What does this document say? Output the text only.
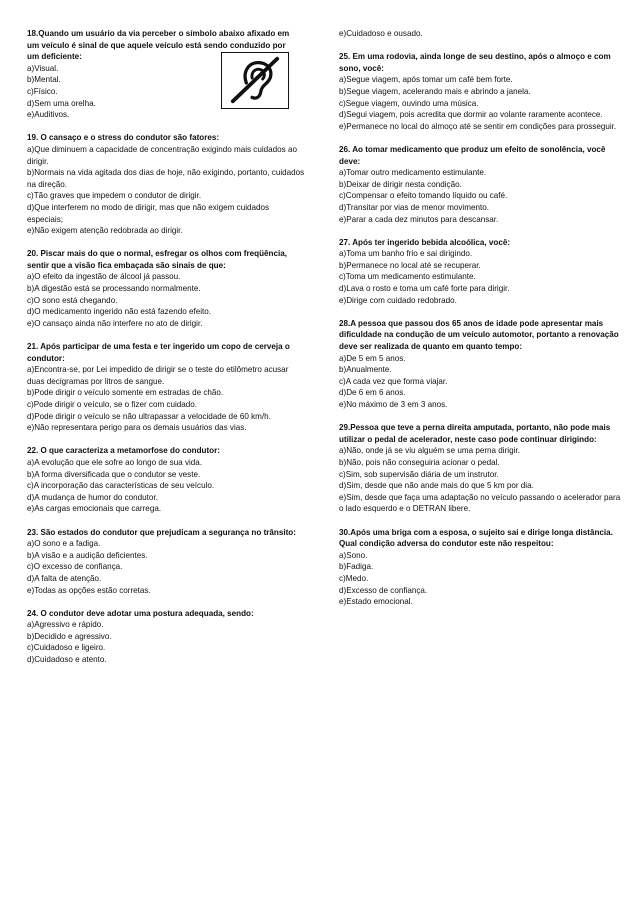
18.Quando um usuário da via perceber o símbolo abaixo afixado em um veículo é sinal de que aquele veículo está sendo conduzido por um deficiente:
a)Visual.
b)Mental.
c)Físico.
d)Sem uma orelha.
e)Auditivos.
19. O cansaço e o stress do condutor são fatores:
a)Que diminuem a capacidade de concentração exigindo mais cuidados ao dirigir.
b)Normais na vida agitada dos dias de hoje, não exigindo, portanto, cuidados na direção.
c)Tão graves que impedem o condutor de dirigir.
d)Que interferem no modo de dirigir, mas que não exigem cuidados especiais;
e)Não exigem atenção redobrada ao dirigir.
20. Piscar mais do que o normal, esfregar os olhos com freqüência, sentir que a visão fica embaçada são sinais de que:
a)O efeito da ingestão de álcool já passou.
b)A digestão está se processando normalmente.
c)O sono está chegando.
d)O medicamento ingerido não está fazendo efeito.
e)O cansaço ainda não interfere no ato de dirigir.
21. Após participar de uma festa e ter ingerido um copo de cerveja o condutor:
a)Encontra-se, por Lei impedido de dirigir se o teste do etilômetro acusar duas decigramas por litros de sangue.
b)Pode dirigir o veículo somente em estradas de chão.
c)Pode dirigir o veículo, se o fizer com cuidado.
d)Pode dirigir o veículo se não ultrapassar a velocidade de 60 km/h.
e)Não representara perigo para os demais usuários das vias.
22. O que caracteriza a metamorfose do condutor:
a)A evolução que ele sofre ao longo de sua vida.
b)A forma diversificada que o condutor se veste.
c)A incorporação das características de seu veículo.
d)A mudança de humor do condutor.
e)As cargas emocionais que carrega.
23. São estados do condutor que prejudicam a segurança no trânsito:
a)O sono e a fadiga.
b)A visão e a audição deficientes.
c)O excesso de confiança.
d)A falta de atenção.
e)Todas as opções estão corretas.
24. O condutor deve adotar uma postura adequada, sendo:
a)Agressivo e rápido.
b)Decidido e agressivo.
c)Cuidadoso e ligeiro.
d)Cuidadoso e atento.
e)Cuidadoso e ousado.
25. Em uma rodovia, ainda longe de seu destino, após o almoço e com sono, você:
a)Segue viagem, após tomar um café bem forte.
b)Segue viagem, acelerando mais e abrindo a janela.
c)Segue viagem, ouvindo uma música.
d)Segui viagem, pois acredita que dormir ao volante raramente acontece.
e)Permanece no local do almoço até se sentir em condições para prosseguir.
26. Ao tomar medicamento que produz um efeito de sonolência, você deve:
a)Tomar outro medicamento estimulante.
b)Deixar de dirigir nesta condição.
c)Compensar o efeito tomando líquido ou café.
d)Transitar por vias de menor movimento.
e)Parar a cada dez minutos para descansar.
27. Após ter ingerido bebida alcoólica, você:
a)Toma um banho frio e sai dirigindo.
b)Permanece no local até se recuperar.
c)Toma um medicamento estimulante.
d)Lava o rosto e toma um café forte para dirigir.
e)Dirige com cuidado redobrado.
28.A pessoa que passou dos 65 anos de idade pode apresentar mais dificuldade na condução de um veículo automotor, portanto a renovação deve ser realizada de quanto em quanto tempo:
a)De 5 em 5 anos.
b)Anualmente.
c)A cada vez que forma viajar.
d)De 6 em 6 anos.
e)No máximo de 3 em 3 anos.
29.Pessoa que teve a perna direita amputada, portanto, não pode mais utilizar o pedal de acelerador, neste caso pode continuar dirigindo:
a)Não, onde já se viu alguém se uma perna dirigir.
b)Não, pois não conseguiria acionar o pedal.
c)Sim, sob supervisão diária de um instrutor.
d)Sim, desde que não ande mais do que 5 km por dia.
e)Sim, desde que faça uma adaptação no veículo passando o acelerador para o lado esquerdo e o DETRAN libere.
30.Após uma briga com a esposa, o sujeito sai e dirige longa distância. Qual condição adversa do condutor este não respeitou:
a)Sono.
b)Fadiga.
c)Medo.
d)Excesso de confiança.
e)Estado emocional.
